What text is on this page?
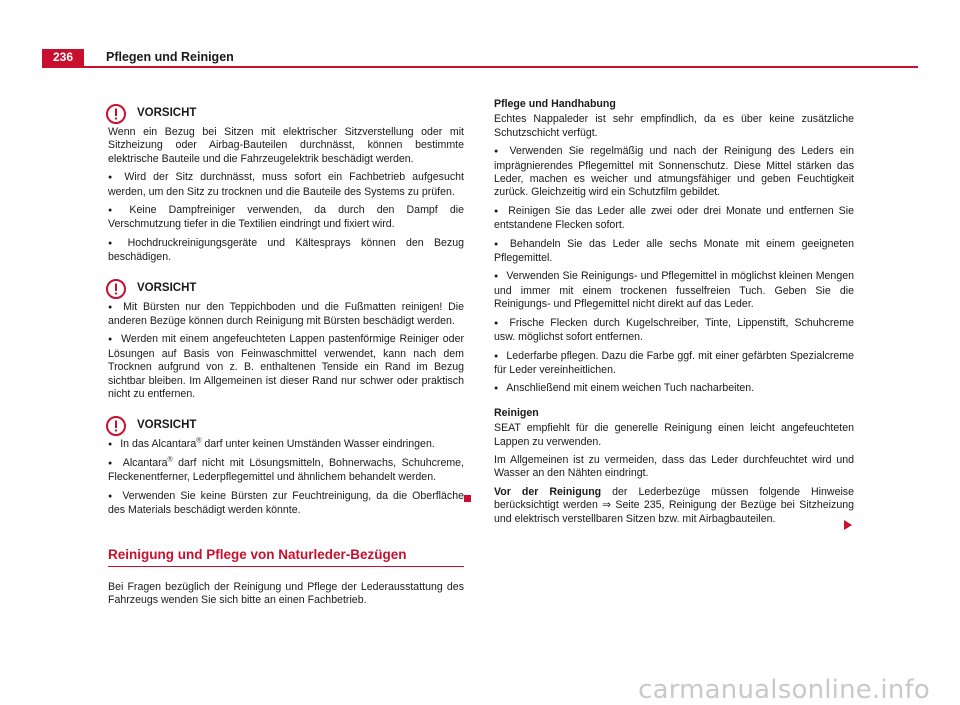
236	Pflegen und Reinigen
VORSICHT

Wenn ein Bezug bei Sitzen mit elektrischer Sitzverstellung oder mit Sitzheizung oder Airbag-Bauteilen durchnässt, können bestimmte elektrische Bauteile und die Fahrzeugelektrik beschädigt werden.

● Wird der Sitz durchnässt, muss sofort ein Fachbetrieb aufgesucht werden, um den Sitz zu trocknen und die Bauteile des Systems zu prüfen.

● Keine Dampfreiniger verwenden, da durch den Dampf die Verschmutzung tiefer in die Textilien eindringt und fixiert wird.

● Hochdruckreinigungsgeräte und Kältesprays können den Bezug beschädigen.

VORSICHT

● Mit Bürsten nur den Teppichboden und die Fußmatten reinigen! Die anderen Bezüge können durch Reinigung mit Bürsten beschädigt werden.

● Werden mit einem angefeuchteten Lappen pastenförmige Reiniger oder Lösungen auf Basis von Feinwaschmittel verwendet, kann nach dem Trocknen aufgrund von z. B. enthaltenen Tenside ein Rand im Bezug sichtbar bleiben. Im Allgemeinen ist dieser Rand nur schwer oder praktisch nicht zu entfernen.

VORSICHT

● In das Alcantara® darf unter keinen Umständen Wasser eindringen.

● Alcantara® darf nicht mit Lösungsmitteln, Bohnerwachs, Schuhcreme, Fleckenentferner, Lederpflegemittel und ähnlichem behandelt werden.

● Verwenden Sie keine Bürsten zur Feuchtreinigung, da die Oberfläche des Materials beschädigt werden könnte.

Reinigung und Pflege von Naturleder-Bezügen

Bei Fragen bezüglich der Reinigung und Pflege der Lederausstattung des Fahrzeugs wenden Sie sich bitte an einen Fachbetrieb.

Pflege und Handhabung

Echtes Nappaleder ist sehr empfindlich, da es über keine zusätzliche Schutzschicht verfügt.

● Verwenden Sie regelmäßig und nach der Reinigung des Leders ein imprägnierendes Pflegemittel mit Sonnenschutz. Diese Mittel stärken das Leder, machen es weicher und atmungsfähiger und geben Feuchtigkeit zurück. Gleichzeitig wird ein Schutzfilm gebildet.

● Reinigen Sie das Leder alle zwei oder drei Monate und entfernen Sie entstandene Flecken sofort.

● Behandeln Sie das Leder alle sechs Monate mit einem geeigneten Pflegemittel.

● Verwenden Sie Reinigungs- und Pflegemittel in möglichst kleinen Mengen und immer mit einem trockenen fusselfreien Tuch. Geben Sie die Reinigungs- und Pflegemittel nicht direkt auf das Leder.

● Frische Flecken durch Kugelschreiber, Tinte, Lippenstift, Schuhcreme usw. möglichst sofort entfernen.

● Lederfarbe pflegen. Dazu die Farbe ggf. mit einer gefärbten Spezialcreme für Leder vereinheitlichen.

● Anschließend mit einem weichen Tuch nacharbeiten.

Reinigen

SEAT empfiehlt für die generelle Reinigung einen leicht angefeuchteten Lappen zu verwenden.

Im Allgemeinen ist zu vermeiden, dass das Leder durchfeuchtet wird und Wasser an den Nähten eindringt.

Vor der Reinigung der Lederbezüge müssen folgende Hinweise berücksichtigt werden ⇒ Seite 235, Reinigung der Bezüge bei Sitzheizung und elektrisch verstellbaren Sitzen bzw. mit Airbagbauteilen.

carmanualsonline.info
